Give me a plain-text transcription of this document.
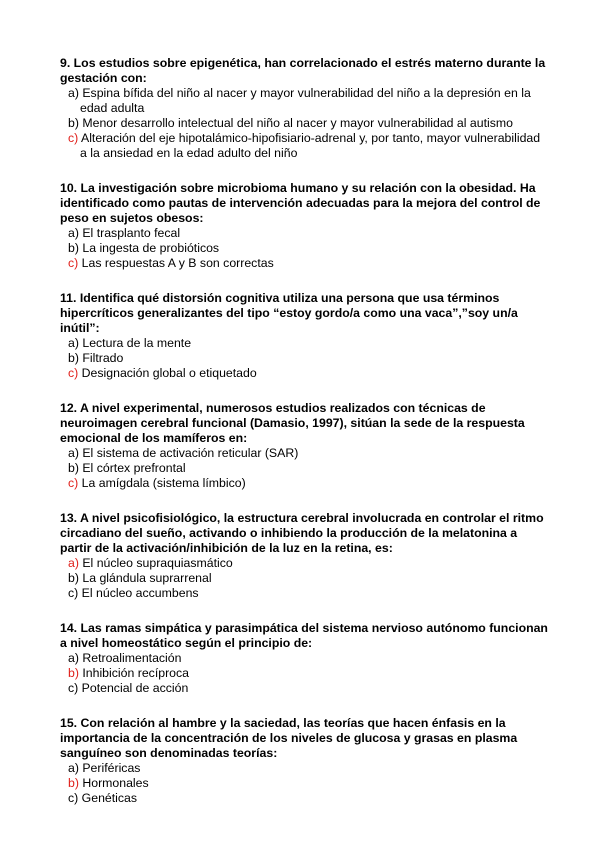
9. Los estudios sobre epigenética, han correlacionado el estrés materno durante la gestación con:

a) Espina bífida del niño al nacer y mayor vulnerabilidad del niño a la depresión en la edad adulta
b) Menor desarrollo intelectual del niño al nacer y mayor vulnerabilidad al autismo
c) Alteración del eje hipotalámico-hipofisiario-adrenal y, por tanto, mayor vulnerabilidad a la ansiedad en la edad adulto del niño

10. La investigación sobre microbioma humano y su relación con la obesidad. Ha identificado como pautas de intervención adecuadas para la mejora del control de peso en sujetos obesos:

a) El trasplanto fecal
b) La ingesta de probióticos
c) Las respuestas A y B son correctas

11. Identifica qué distorsión cognitiva utiliza una persona que usa términos hipercríticos generalizantes del tipo “estoy gordo/a como una vaca”,”soy un/a inútil”:

a) Lectura de la mente
b) Filtrado
c) Designación global o etiquetado

12. A nivel experimental, numerosos estudios realizados con técnicas de neuroimagen cerebral funcional (Damasio, 1997), sitúan la sede de la respuesta emocional de los mamíferos en:

a) El sistema de activación reticular (SAR)
b) El córtex prefrontal
c) La amígdala (sistema límbico)

13. A nivel psicofisiológico, la estructura cerebral involucrada en controlar el ritmo circadiano del sueño, activando o inhibiendo la producción de la melatonina a partir de la activación/inhibición de la luz en la retina, es:

a) El núcleo supraquiasmático
b) La glándula suprarrenal
c) El núcleo accumbens

14. Las ramas simpática y parasimpática del sistema nervioso autónomo funcionan a nivel homeostático según el principio de:

a) Retroalimentación
b) Inhibición recíproca
c) Potencial de acción

15. Con relación al hambre y la saciedad, las teorías que hacen énfasis en la importancia de la concentración de los niveles de glucosa y grasas en plasma sanguíneo son denominadas teorías:

a) Periféricas
b) Hormonales
c) Genéticas
